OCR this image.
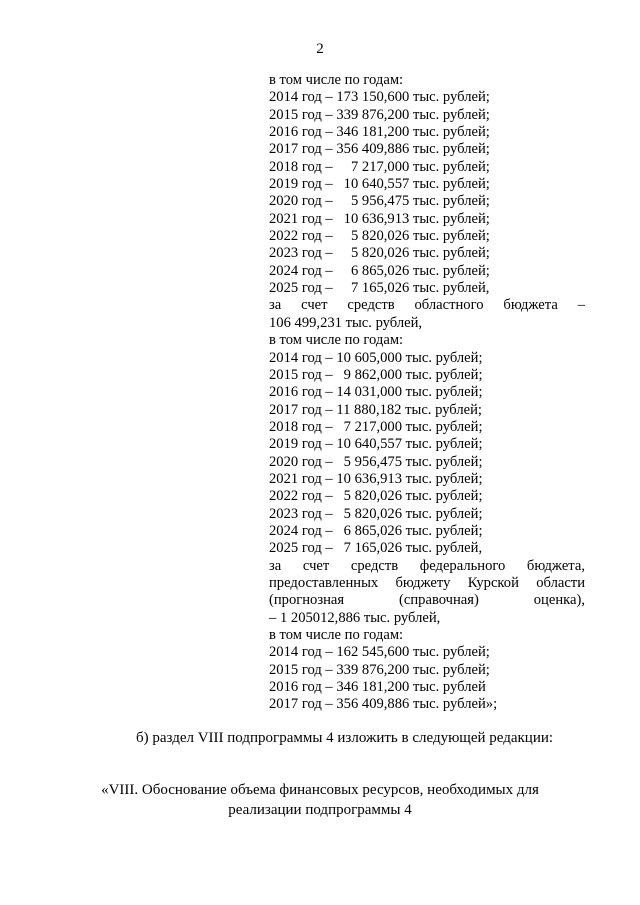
2
в том числе по годам:
2014 год – 173 150,600 тыс. рублей;
2015 год – 339 876,200 тыс. рублей;
2016 год – 346 181,200 тыс. рублей;
2017 год – 356 409,886 тыс. рублей;
2018 год –     7 217,000 тыс. рублей;
2019 год –   10 640,557 тыс. рублей;
2020 год –     5 956,475 тыс. рублей;
2021 год –   10 636,913 тыс. рублей;
2022 год –     5 820,026 тыс. рублей;
2023 год –     5 820,026 тыс. рублей;
2024 год –     6 865,026 тыс. рублей;
2025 год –     7 165,026 тыс. рублей,
за счет средств областного бюджета –
106 499,231 тыс. рублей,
в том числе по годам:
2014 год – 10 605,000 тыс. рублей;
2015 год –   9 862,000 тыс. рублей;
2016 год – 14 031,000 тыс. рублей;
2017 год – 11 880,182 тыс. рублей;
2018 год –   7 217,000 тыс. рублей;
2019 год – 10 640,557 тыс. рублей;
2020 год –   5 956,475 тыс. рублей;
2021 год – 10 636,913 тыс. рублей;
2022 год –   5 820,026 тыс. рублей;
2023 год –   5 820,026 тыс. рублей;
2024 год –   6 865,026 тыс. рублей;
2025 год –   7 165,026 тыс. рублей,
за счет средств федерального бюджета,
предоставленных бюджету Курской области
(прогнозная (справочная) оценка),
– 1 205012,886 тыс. рублей,
в том числе по годам:
2014 год – 162 545,600 тыс. рублей;
2015 год – 339 876,200 тыс. рублей;
2016 год – 346 181,200 тыс. рублей
2017 год – 356 409,886 тыс. рублей»;
б) раздел VIII подпрограммы 4 изложить в следующей редакции:
«VIII. Обоснование объема финансовых ресурсов, необходимых для
реализации подпрограммы 4
